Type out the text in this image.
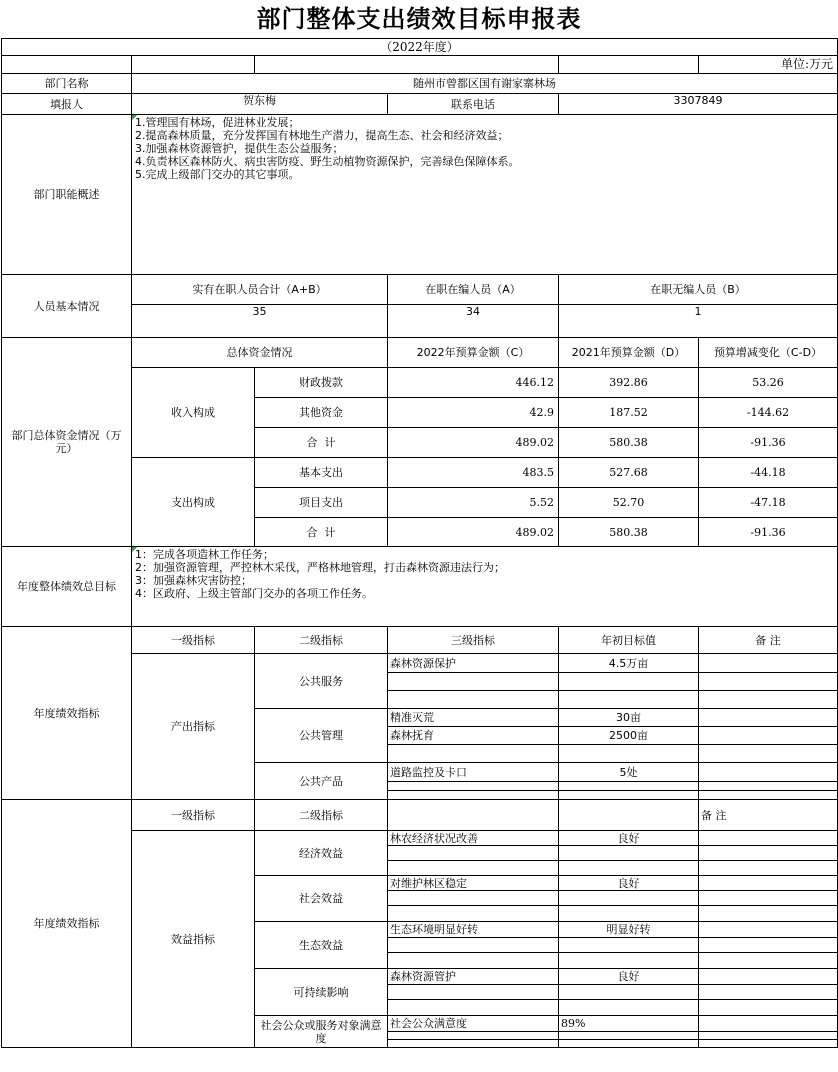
部门整体支出绩效目标申报表
（2022年度）					
					单位:万元
部门名称	随州市曾都区国有谢家寨林场				
填报人	贺东梅		联系电话	3307849	
部门职能概述	1.管理国有林场，促进林业发展；
2.提高森林质量，充分发挥国有林地生产潜力，提高生态、社会和经济效益；
3.加强森林资源管护，提供生态公益服务；
4.负责林区森林防火、病虫害防疫、野生动植物资源保护，完善绿色保障体系。
5.完成上级部门交办的其它事项。				
人员基本情况	实有在职人员合计（A+B）		在职在编人员（A）	在职无编人员（B）	
	35		34	1	
部门总体资金情况（万元）	总体资金情况		2022年预算金额（C）	2021年预算金额（D）	预算增减变化（C-D）
	收入构成	财政拨款	446.12	392.86	53.26
		其他资金	42.9	187.52	-144.62
		合  计	489.02	580.38	-91.36
	支出构成	基本支出	483.5	527.68	-44.18
		项目支出	5.52	52.70	-47.18
		合  计	489.02	580.38	-91.36
年度整体绩效总目标	1：完成各项造林工作任务；
2：加强资源管理，严控林木采伐，严格林地管理，打击森林资源违法行为；
3：加强森林灾害防控；
4：区政府、上级主管部门交办的各项工作任务。				
年度绩效指标	一级指标	二级指标	三级指标	年初目标值	备 注
	产出指标	公共服务	森林资源保护	4.5万亩	

		公共管理	精准灭荒	30亩	
			森林抚育	2500亩	

		公共产品	道路监控及卡口	5处	

年度绩效指标	一级指标	二级指标			备 注
	效益指标	经济效益	林农经济状况改善	良好	

		社会效益	对维护林区稳定	良好	

		生态效益	生态环境明显好转	明显好转	

		可持续影响	森林资源管护	良好	

		社会公众或服务对象满意度	社会公众满意度	89%	
